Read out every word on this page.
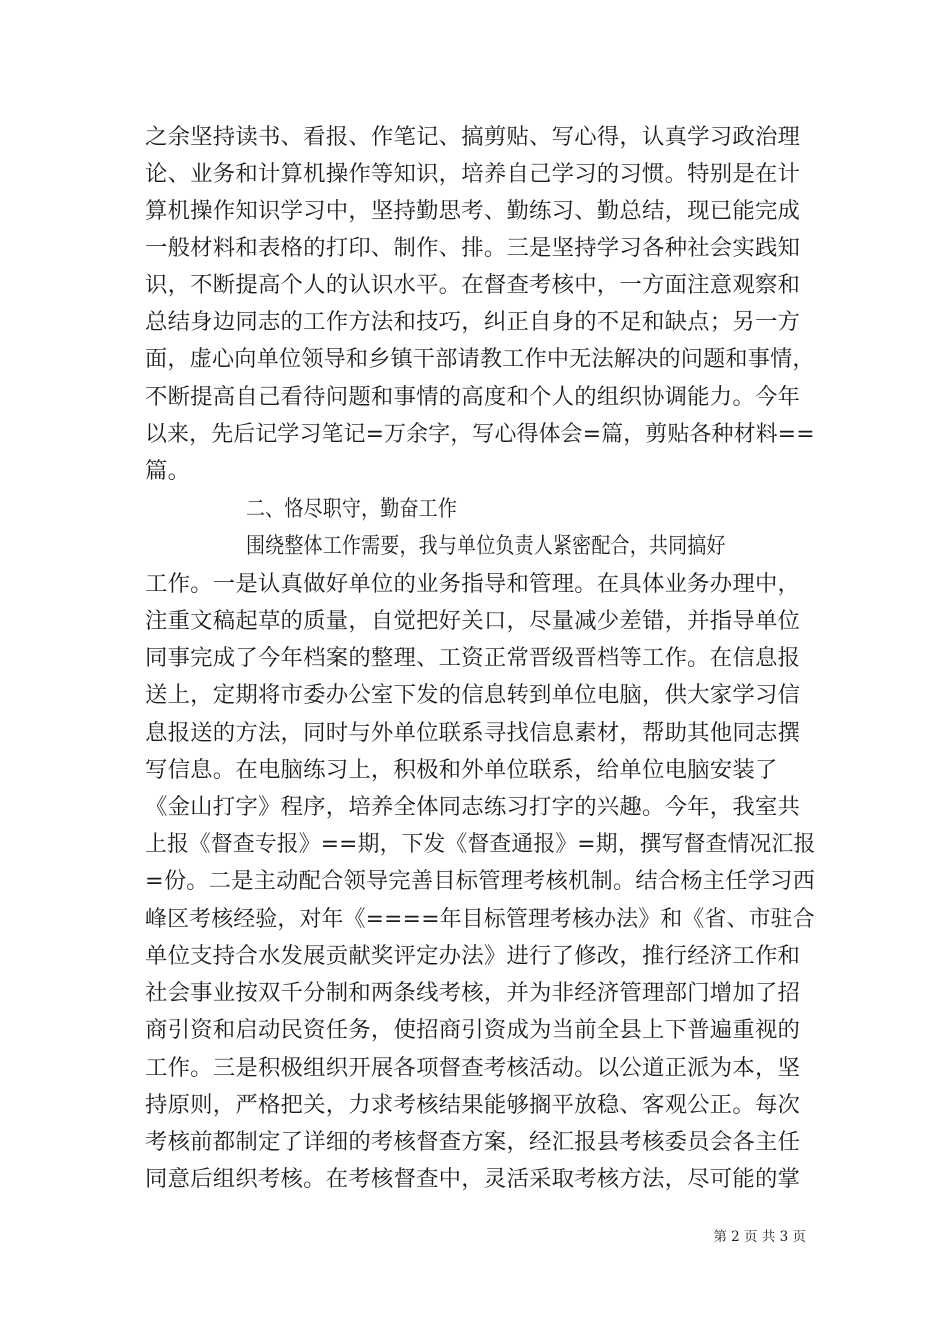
之余坚持读书、看报、作笔记、搞剪贴、写心得，认真学习政治理
论、业务和计算机操作等知识，培养自己学习的习惯。特别是在计
算机操作知识学习中，坚持勤思考、勤练习、勤总结，现已能完成
一般材料和表格的打印、制作、排。三是坚持学习各种社会实践知
识，不断提高个人的认识水平。在督查考核中，一方面注意观察和
总结身边同志的工作方法和技巧，纠正自身的不足和缺点；另一方
面，虚心向单位领导和乡镇干部请教工作中无法解决的问题和事情，
不断提高自己看待问题和事情的高度和个人的组织协调能力。今年
以来，先后记学习笔记=万余字，写心得体会=篇，剪贴各种材料==
篇。
二、恪尽职守，勤奋工作
围绕整体工作需要，我与单位负责人紧密配合，共同搞好
工作。一是认真做好单位的业务指导和管理。在具体业务办理中，
注重文稿起草的质量，自觉把好关口，尽量减少差错，并指导单位
同事完成了今年档案的整理、工资正常晋级晋档等工作。在信息报
送上，定期将市委办公室下发的信息转到单位电脑，供大家学习信
息报送的方法，同时与外单位联系寻找信息素材，帮助其他同志撰
写信息。在电脑练习上，积极和外单位联系，给单位电脑安装了
《金山打字》程序，培养全体同志练习打字的兴趣。今年，我室共
上报《督查专报》==期，下发《督查通报》=期，撰写督查情况汇报
=份。二是主动配合领导完善目标管理考核机制。结合杨主任学习西
峰区考核经验，对年《====年目标管理考核办法》和《省、市驻合
单位支持合水发展贡献奖评定办法》进行了修改，推行经济工作和
社会事业按双千分制和两条线考核，并为非经济管理部门增加了招
商引资和启动民资任务，使招商引资成为当前全县上下普遍重视的
工作。三是积极组织开展各项督查考核活动。以公道正派为本，坚
持原则，严格把关，力求考核结果能够搁平放稳、客观公正。每次
考核前都制定了详细的考核督查方案，经汇报县考核委员会各主任
同意后组织考核。在考核督查中，灵活采取考核方法，尽可能的掌
第 2 页 共 3 页
